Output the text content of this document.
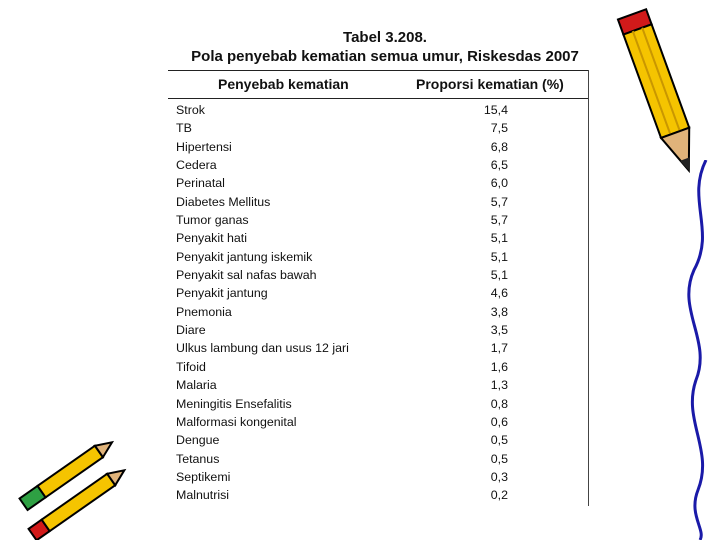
Tabel 3.208.
Pola penyebab kematian semua umur, Riskesdas 2007
Penyebab kematian	Proporsi kematian (%)
Strok	15,4
TB	7,5
Hipertensi	6,8
Cedera	6,5
Perinatal	6,0
Diabetes Mellitus	5,7
Tumor ganas	5,7
Penyakit hati	5,1
Penyakit jantung iskemik	5,1
Penyakit sal nafas bawah	5,1
Penyakit jantung	4,6
Pnemonia	3,8
Diare	3,5
Ulkus lambung dan usus 12 jari	1,7
Tifoid	1,6
Malaria	1,3
Meningitis Ensefalitis	0,8
Malformasi kongenital	0,6
Dengue	0,5
Tetanus	0,5
Septikemi	0,3
Malnutrisi	0,2
